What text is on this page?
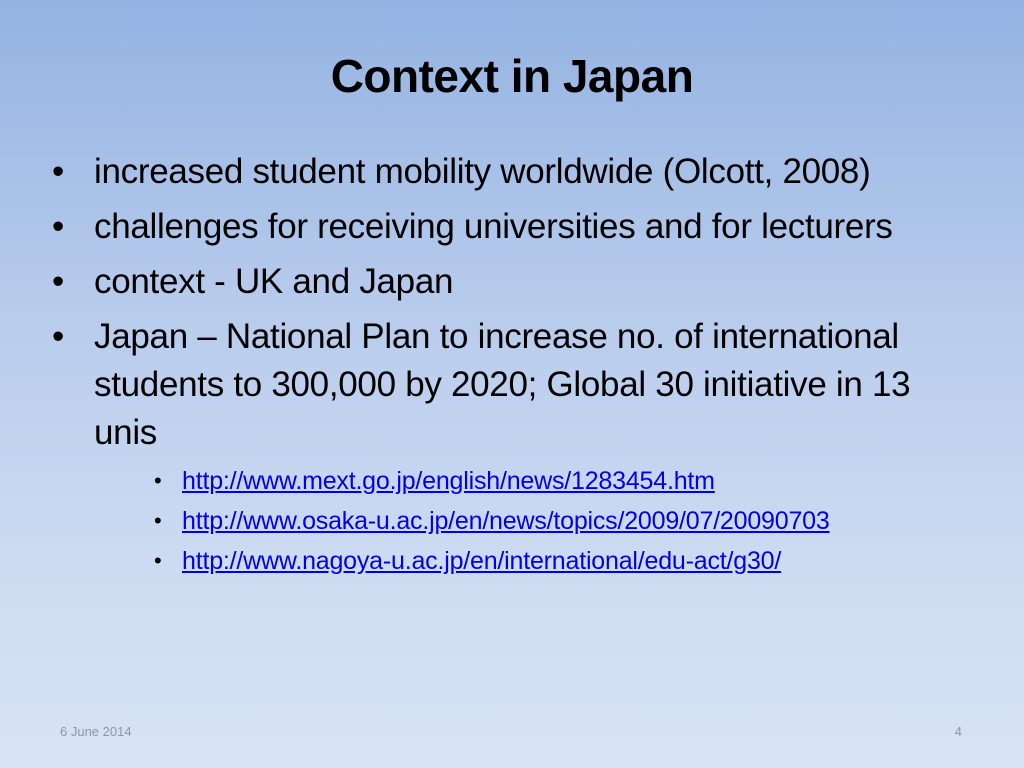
Context in Japan
• increased student mobility worldwide (Olcott, 2008)
• challenges for receiving universities and for lecturers
• context - UK and Japan
• Japan – National Plan to increase no. of international students to 300,000 by 2020; Global 30 initiative in 13 unis
• http://www.mext.go.jp/english/news/1283454.htm
• http://www.osaka-u.ac.jp/en/news/topics/2009/07/20090703
• http://www.nagoya-u.ac.jp/en/international/edu-act/g30/
6 June 2014	4
